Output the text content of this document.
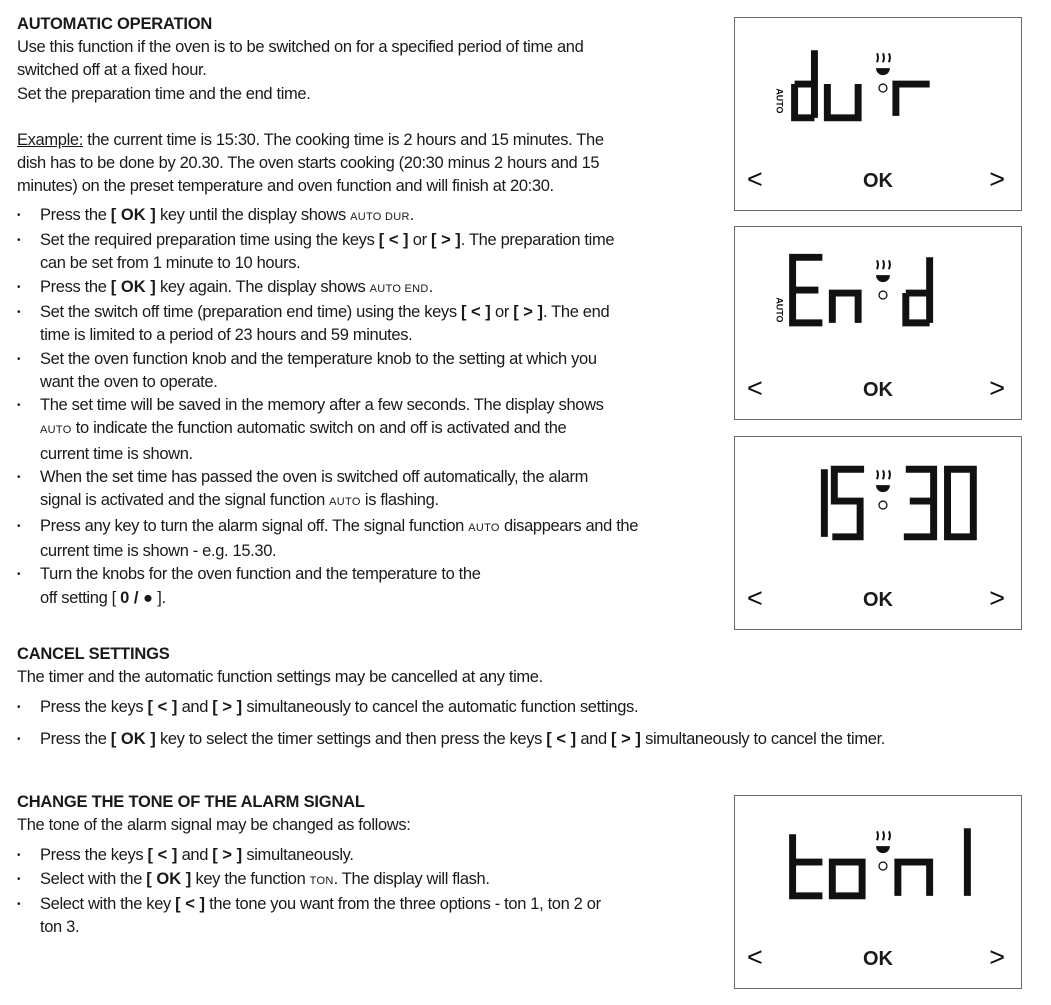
AUTOMATIC OPERATION

Use this function if the oven is to be switched on for a specified period of time and
switched off at a fixed hour.
Set the preparation time and the end time.

Example: the current time is 15:30. The cooking time is 2 hours and 15 minutes. The
dish has to be done by 20.30. The oven starts cooking (20:30 minus 2 hours and 15
minutes) on the preset temperature and oven function and will finish at 20:30.

• Press the [ OK ] key until the display shows AUTO DUR.
• Set the required preparation time using the keys [ < ] or [ > ]. The preparation time
can be set from 1 minute to 10 hours.
• Press the [ OK ] key again. The display shows AUTO END.
• Set the switch off time (preparation end time) using the keys [ < ] or [ > ]. The end
time is limited to a period of 23 hours and 59 minutes.
• Set the oven function knob and the temperature knob to the setting at which you
want the oven to operate.
• The set time will be saved in the memory after a few seconds. The display shows
AUTO to indicate the function automatic switch on and off is activated and the
current time is shown.
• When the set time has passed the oven is switched off automatically, the alarm
signal is activated and the signal function AUTO is flashing.
• Press any key to turn the alarm signal off. The signal function AUTO disappears and the
current time is shown - e.g. 15.30.
• Turn the knobs for the oven function and the temperature to the
off setting [ 0 / ● ].
CANCEL SETTINGS

The timer and the automatic function settings may be cancelled at any time.

• Press the keys [ < ] and [ > ] simultaneously to cancel the automatic function settings.
• Press the [ OK ] key to select the timer settings and then press the keys [ < ] and [ > ] simultaneously to cancel the timer.
CHANGE THE TONE OF THE ALARM SIGNAL

The tone of the alarm signal may be changed as follows:

• Press the keys [ < ] and [ > ] simultaneously.
• Select with the [ OK ] key the function TON. The display will flash.
• Select with the key [ < ] the tone you want from the three options - ton 1, ton 2 or
ton 3.
AUTO
<	OK	>
AUTO
<	OK	>
<	OK	>
<	OK	>
